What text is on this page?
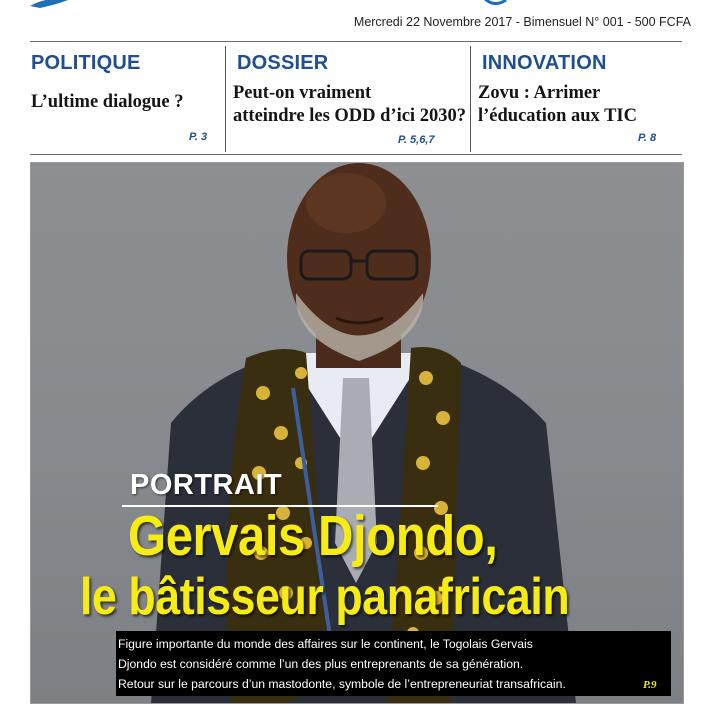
Mercredi 22 Novembre 2017 - Bimensuel N° 001 - 500 FCFA
POLITIQUE
L’ultime dialogue ?
P. 3
DOSSIER
Peut-on vraiment
atteindre les ODD d’ici 2030?
P. 5,6,7
INNOVATION
Zovu : Arrimer
l’éducation aux TIC
P. 8
PORTRAIT
Gervais Djondo,
le bâtisseur panafricain
Figure importante du monde des affaires sur le continent, le Togolais Gervais
Djondo est considéré comme l’un des plus entreprenants de sa génération.
Retour sur le parcours d’un mastodonte, symbole de l’entrepreneuriat transafricain.	P.9
